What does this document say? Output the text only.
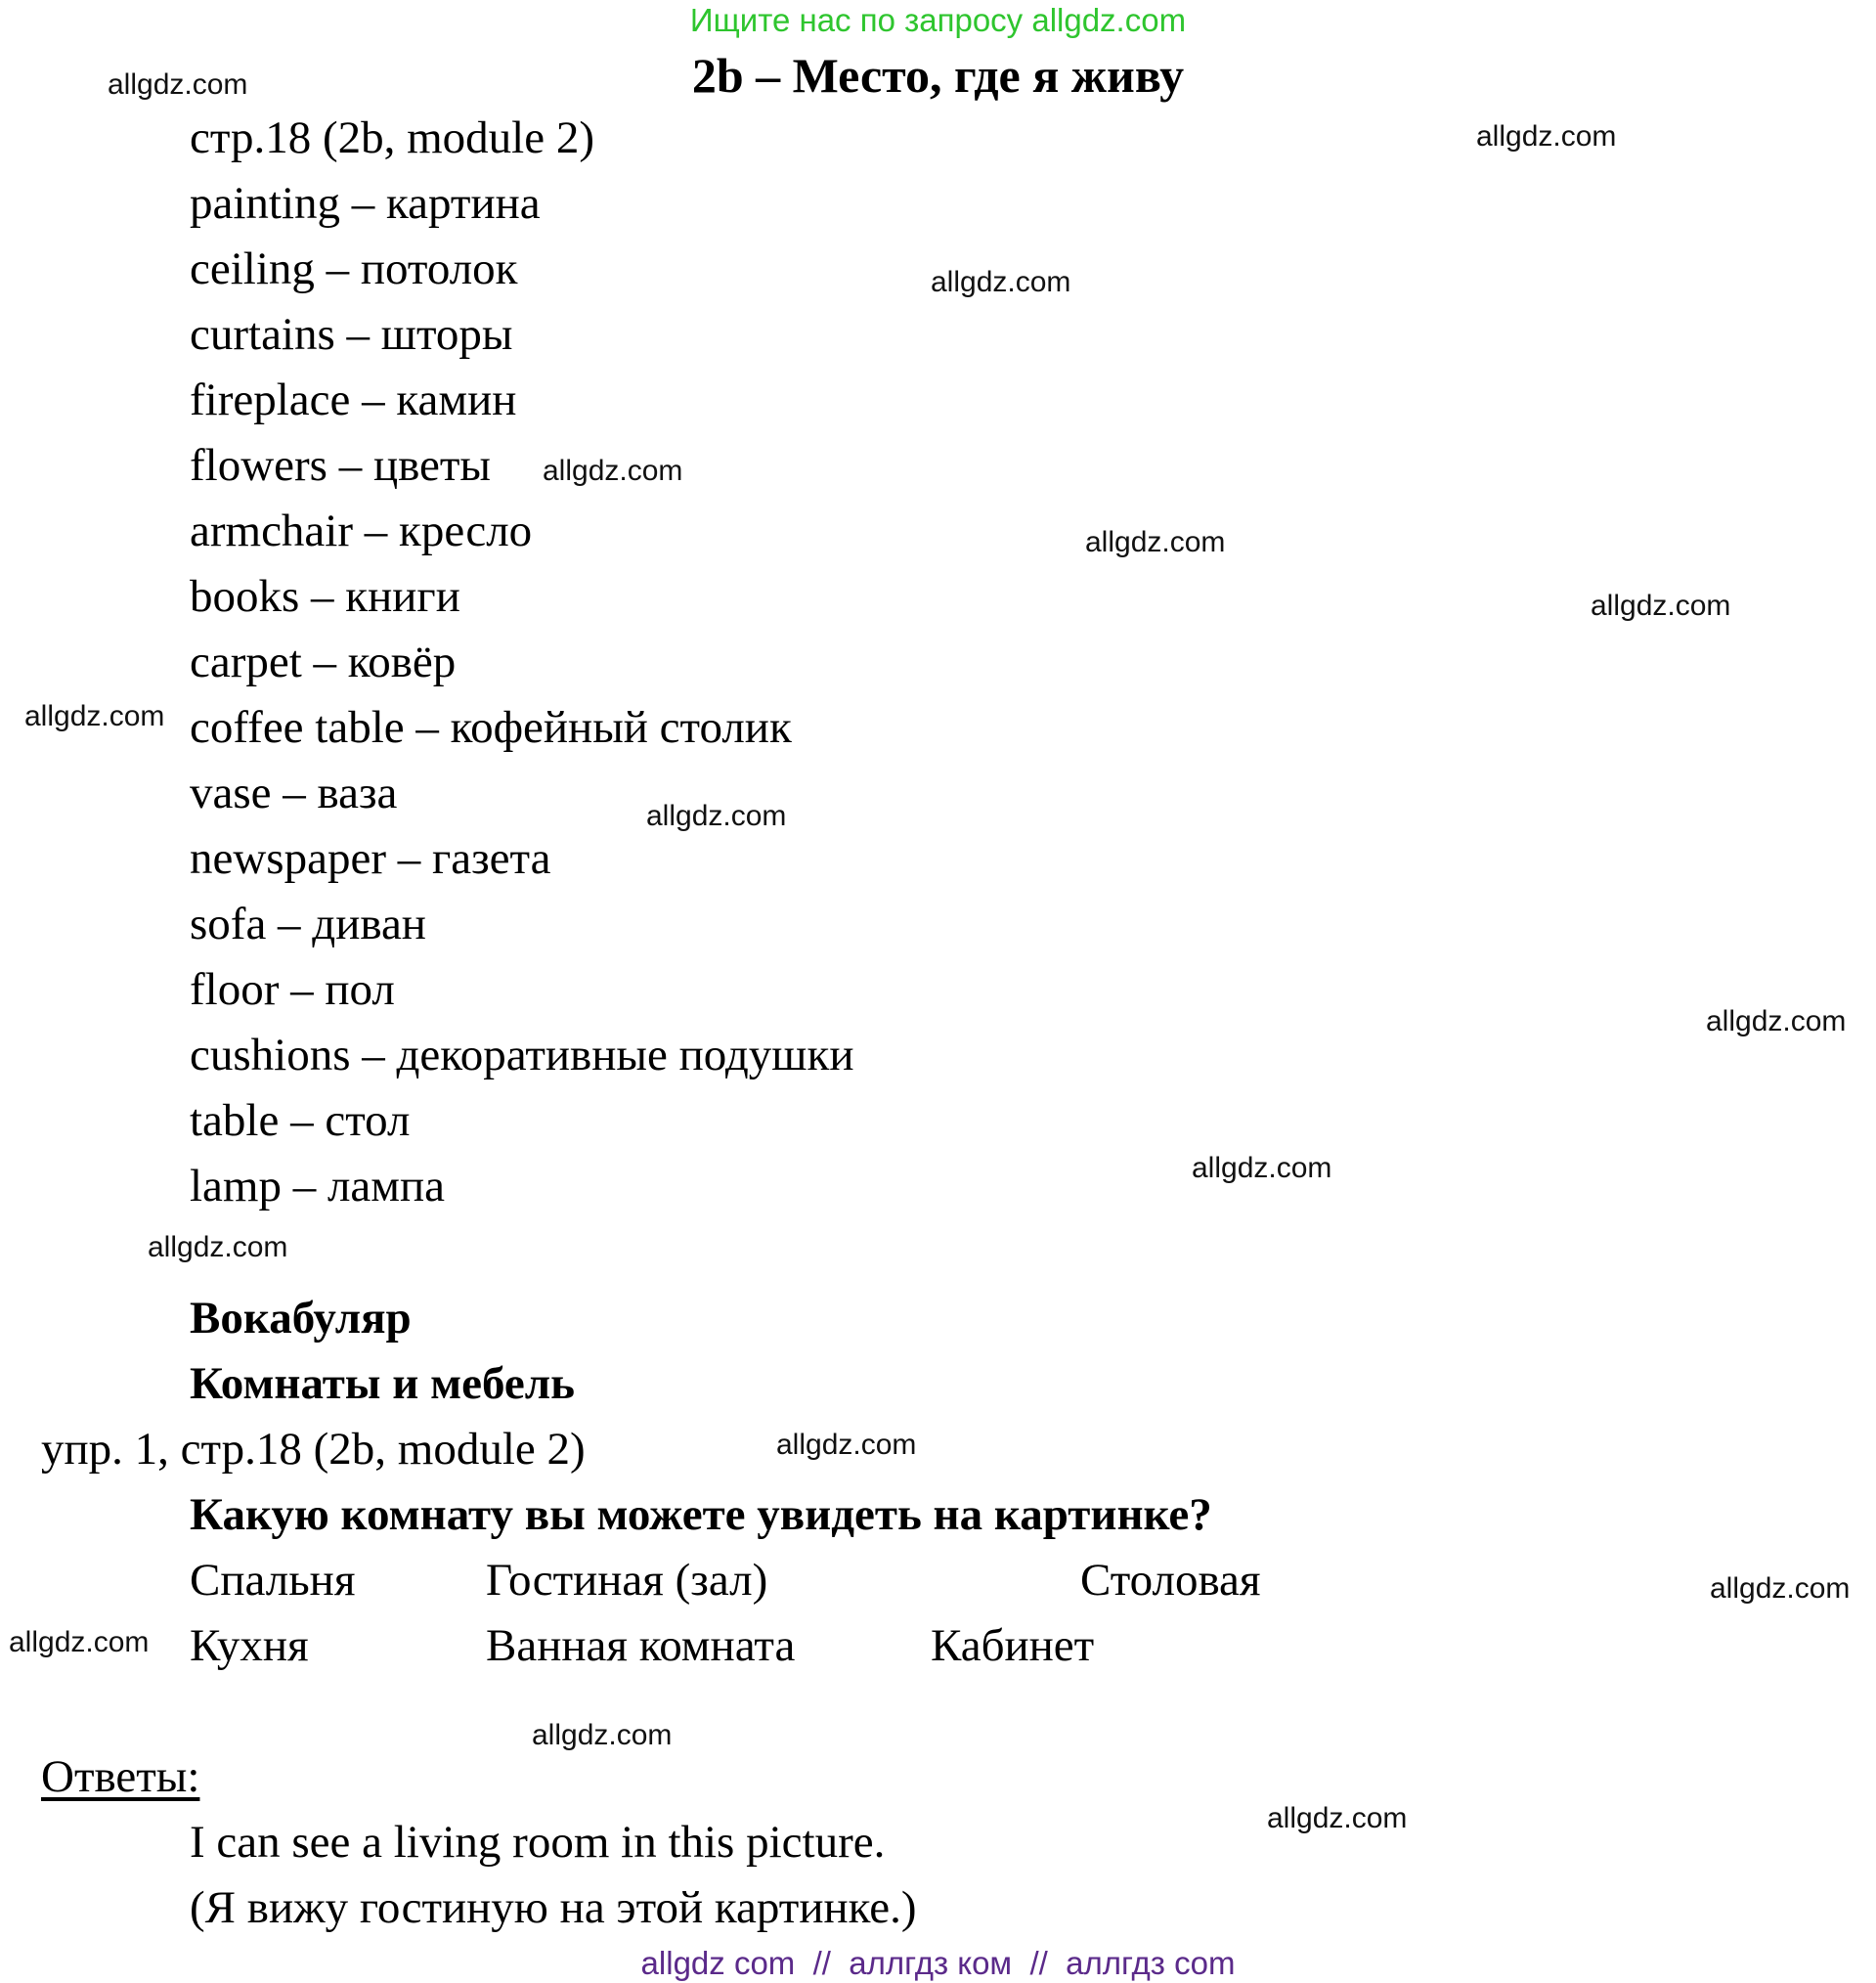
Ищите нас по запросу allgdz.com
2b – Место, где я живу
стр.18 (2b, module 2)
painting – картина
ceiling – потолок
curtains – шторы
fireplace – камин
flowers – цветы
armchair – кресло
books – книги
carpet – ковёр
coffee table – кофейный столик
vase – ваза
newspaper – газета
sofa – диван
floor – пол
cushions – декоративные подушки
table – стол
lamp – лампа
Вокабуляр
Комнаты и мебель
упр. 1, стр.18 (2b, module 2)
Какую комнату вы можете увидеть на картинке?
Спальня	Гостиная (зал)	Столовая
Кухня	Ванная комната	Кабинет
Ответы:
I can see a living room in this picture.
(Я вижу гостиную на этой картинке.)
allgdz.com
allgdz.com
allgdz.com
allgdz.com
allgdz.com
allgdz.com
allgdz.com
allgdz.com
allgdz.com
allgdz.com
allgdz.com
allgdz.com
allgdz.com
allgdz.com
allgdz.com
allgdz.com
allgdz com  //  аллгдз ком  //  аллгдз com
